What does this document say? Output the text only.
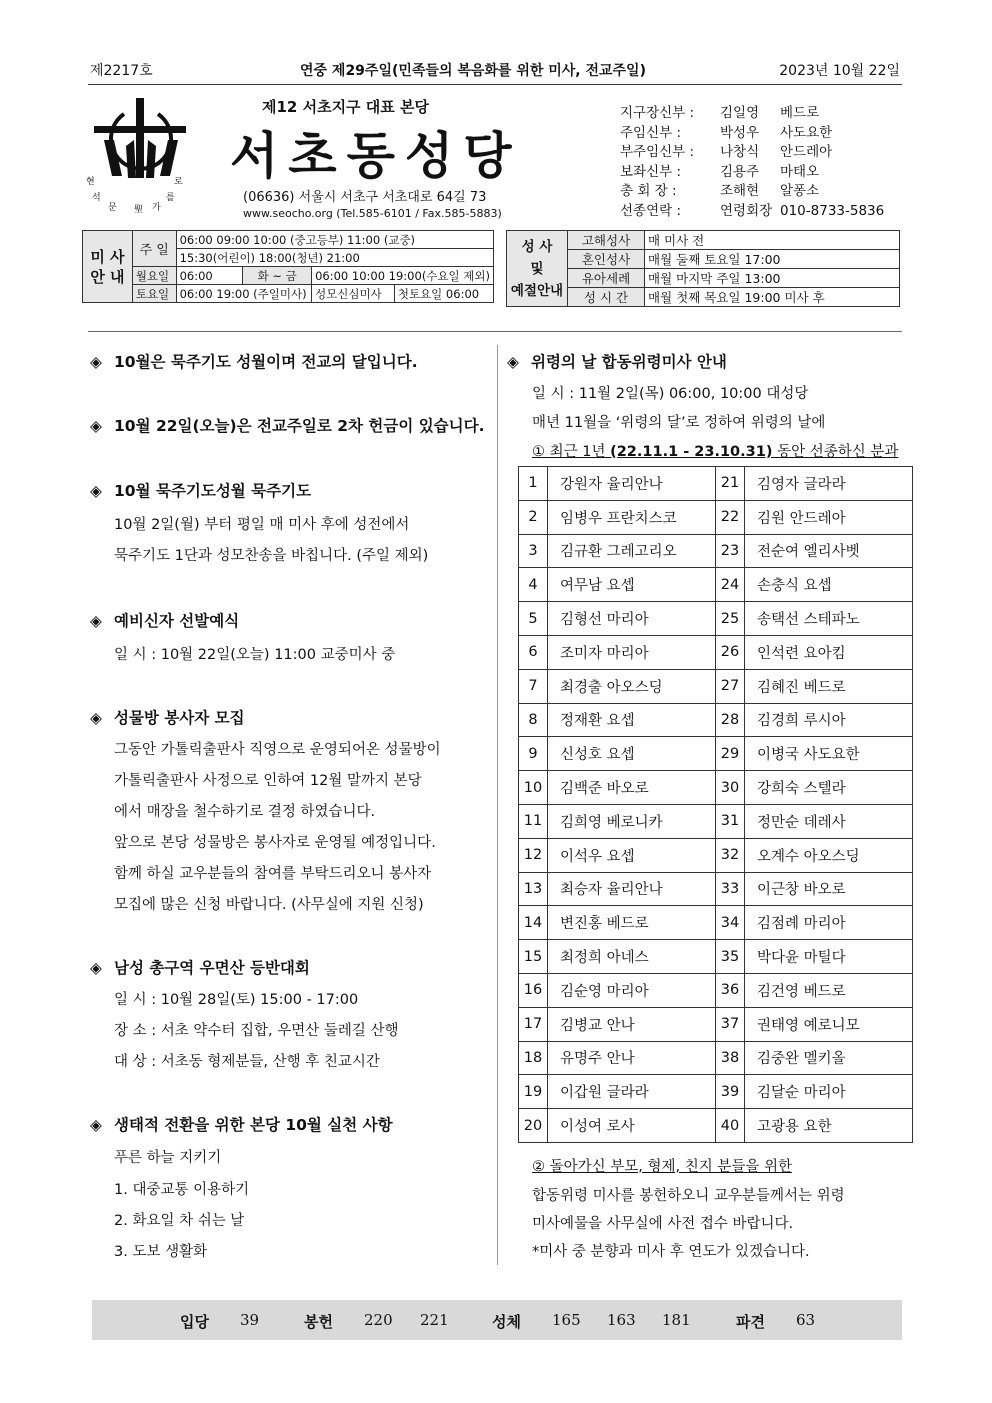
제2217호	연중 제29주일(민족들의 복음화를 위한 미사, 전교주일)	2023년 10월 22일
현	로
석
문 聖 가
를
제12 서초지구 대표 본당
서초동성당
(06636) 서울시 서초구 서초대로 64길 73
www.seocho.org (Tel.585-6101 / Fax.585-5883)
지구장신부 : 김일영 베드로
주임신부 :	박성우 사도요한
부주임신부 : 나창식 안드레아
보좌신부 :	김용주 마태오
총 회 장 :	조해현 알퐁소
선종연락 :	연령회장 010-8733-5836
미 사
안 내	주 일	06:00 09:00 10:00 (중고등부) 11:00 (교중)			
		15:30(어린이) 18:00(청년) 21:00			
	월요일	06:00	화 ~ 금	06:00 10:00 19:00(수요일 제외)	
	토요일	06:00 19:00 (주일미사)		성모신심미사	첫토요일 06:00
성 사
및
예절안내	고해성사	매 미사 전
	혼인성사	매월 둘째 토요일 17:00
	유아세례	매월 마지막 주일 13:00
	성 시 간	매월 첫째 목요일 19:00 미사 후
◈ 10월은 묵주기도 성월이며 전교의 달입니다.
◈ 10월 22일(오늘)은 전교주일로 2차 헌금이 있습니다.
◈ 10월 묵주기도성월 묵주기도
10월 2일(월) 부터 평일 매 미사 후에 성전에서
묵주기도 1단과 성모찬송을 바칩니다. (주일 제외)
◈ 예비신자 선발예식
일 시 : 10월 22일(오늘) 11:00 교중미사 중
◈ 성물방 봉사자 모집
그동안 가톨릭출판사 직영으로 운영되어온 성물방이
가톨릭출판사 사정으로 인하여 12월 말까지 본당
에서 매장을 철수하기로 결정 하였습니다.
앞으로 본당 성물방은 봉사자로 운영될 예정입니다.
함께 하실 교우분들의 참여를 부탁드리오니 봉사자
모집에 많은 신청 바랍니다. (사무실에 지원 신청)
◈ 남성 총구역 우면산 등반대회
일 시 : 10월 28일(토) 15:00 - 17:00
장 소 : 서초 약수터 집합, 우면산 둘레길 산행
대 상 : 서초동 형제분들, 산행 후 친교시간
◈ 생태적 전환을 위한 본당 10월 실천 사항
푸른 하늘 지키기
1. 대중교통 이용하기
2. 화요일 차 쉬는 날
3. 도보 생활화
◈ 위령의 날 합동위령미사 안내
일 시 : 11월 2일(목) 06:00, 10:00 대성당
매년 11월을 ‘위령의 달’로 정하여 위령의 날에
① 최근 1년 (22.11.1 - 23.10.31) 동안 선종하신 분과
1	강원자 율리안나	21	김영자 글라라
2	임병우 프란치스코	22	김원 안드레아
3	김규환 그레고리오	23	전순여 엘리사벳
4	여무남 요셉	24	손충식 요셉
5	김형선 마리아	25	송택선 스테파노
6	조미자 마리아	26	인석련 요아킴
7	최경출 아오스딩	27	김혜진 베드로
8	정재환 요셉	28	김경희 루시아
9	신성호 요셉	29	이병국 사도요한
10	김백준 바오로	30	강희숙 스텔라
11	김희영 베로니카	31	정만순 데레사
12	이석우 요셉	32	오계수 아오스딩
13	최승자 율리안나	33	이근창 바오로
14	변진홍 베드로	34	김점례 마리아
15	최정희 아네스	35	박다윤 마틸다
16	김순영 마리아	36	김건영 베드로
17	김병교 안나	37	권태영 예로니모
18	유명주 안나	38	김중완 멜키올
19	이갑원 글라라	39	김달순 마리아
20	이성여 로사	40	고광용 요한
② 돌아가신 부모, 형제, 친지 분들을 위한
합동위령 미사를 봉헌하오니 교우분들께서는 위령
미사예물을 사무실에 사전 접수 바랍니다.
*미사 중 분향과 미사 후 연도가 있겠습니다.
입당 39	봉헌 220 221	성체 165 163 181	파견 63
